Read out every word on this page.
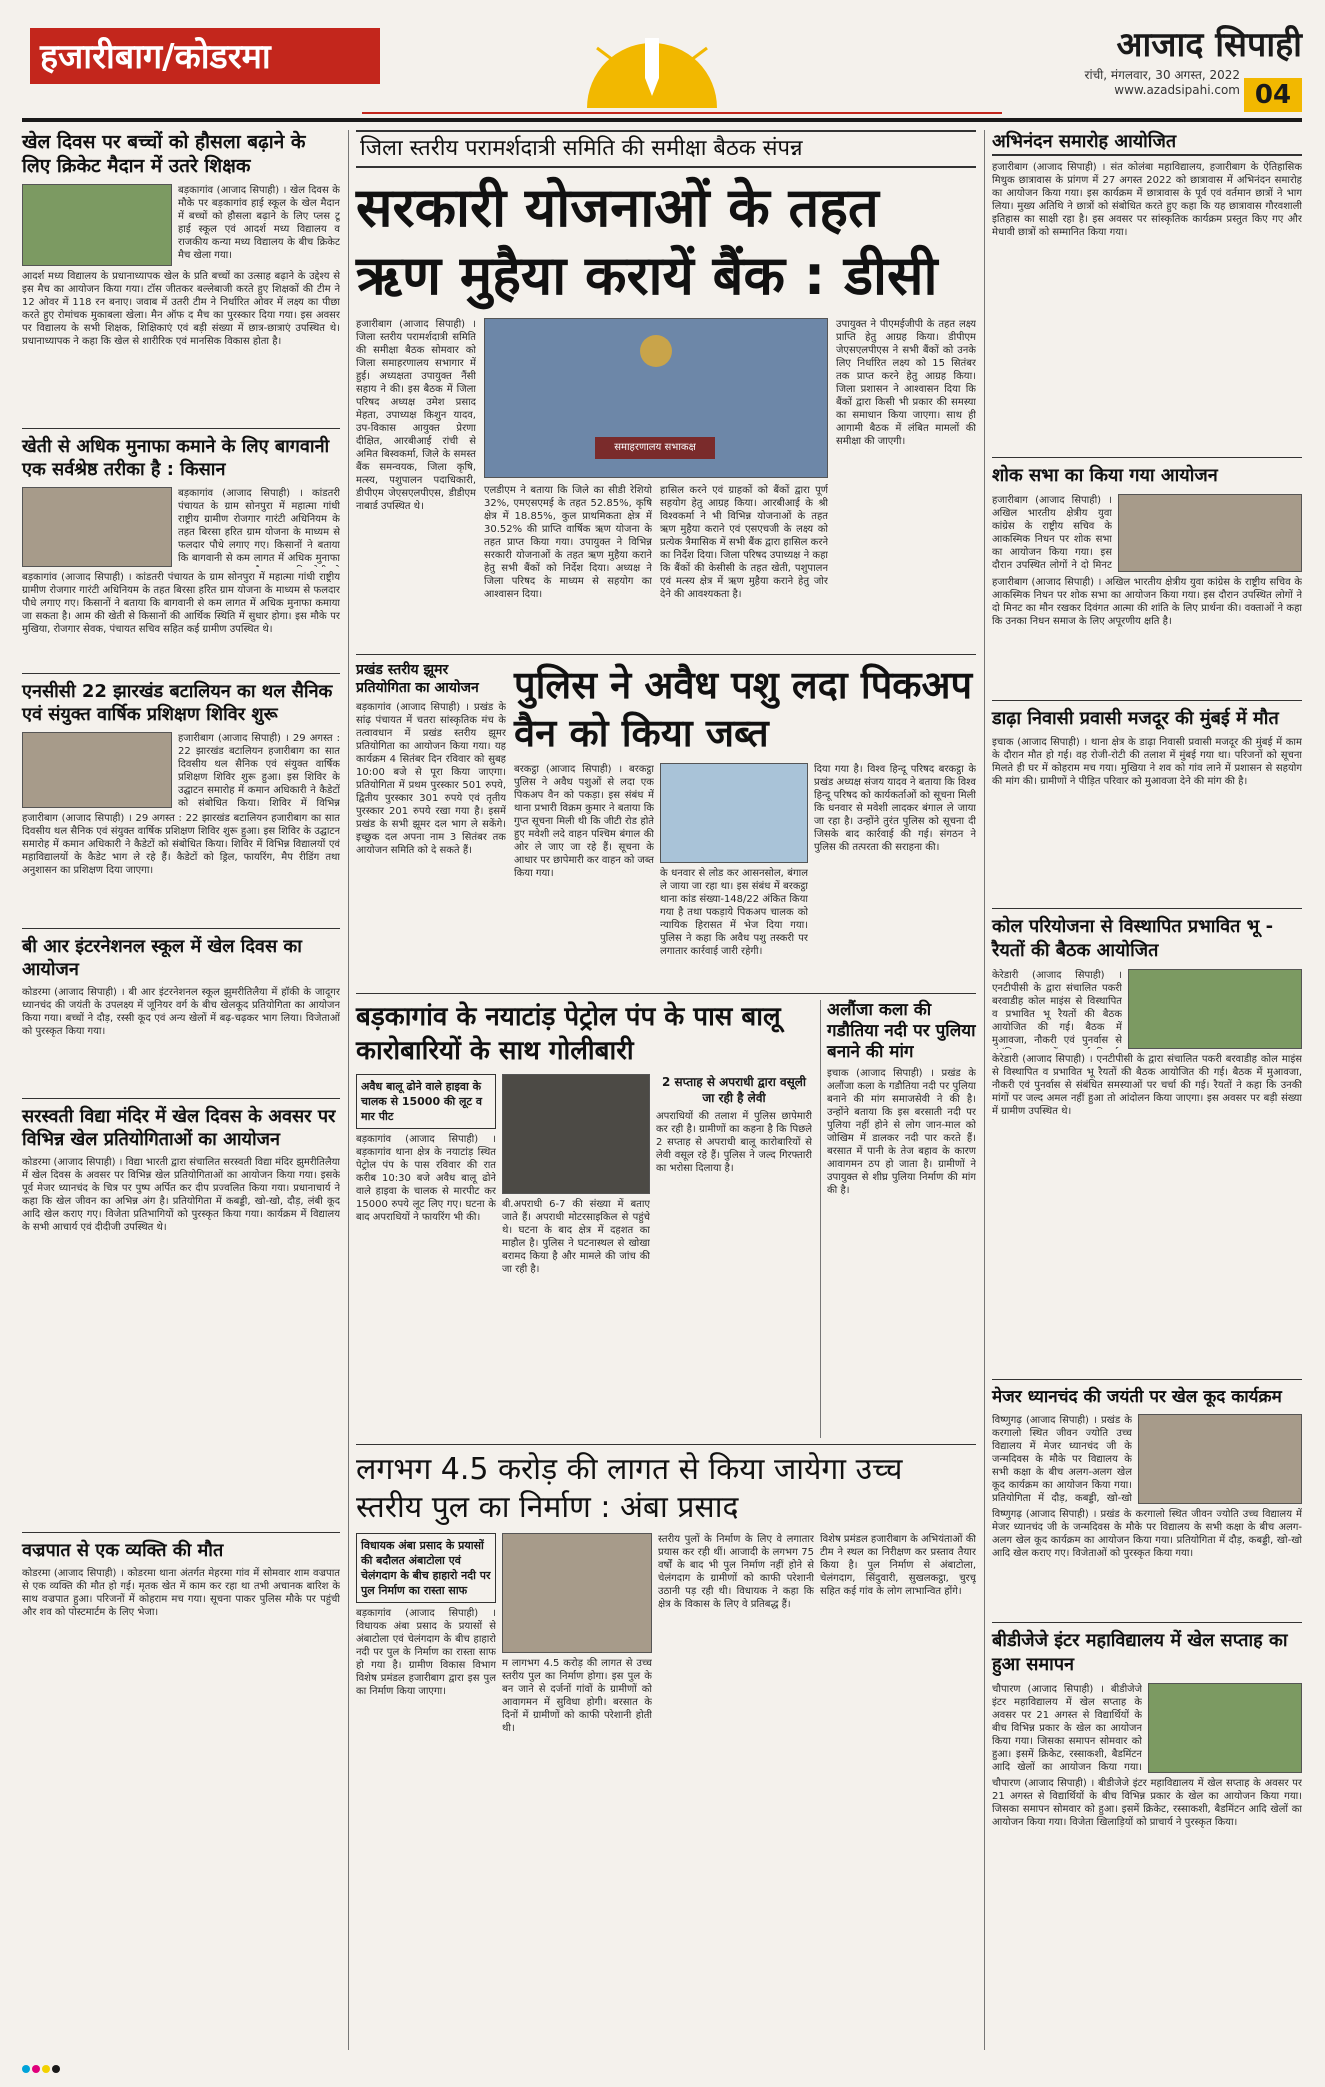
हजारीबाग/कोडरमा	आजाद सिपाही
रांची, मंगलवार, 30 अगस्त, 2022
www.azadsipahi.com 04
खेल दिवस पर बच्चों को हौसला बढ़ाने के लिए क्रिकेट मैदान में उतरे शिक्षक
बड़कागांव (आजाद सिपाही) । खेल दिवस के मौके पर बड़कागांव हाई स्कूल के खेल मैदान में बच्चों को हौसला बढ़ाने के लिए प्लस टू हाई स्कूल एवं आदर्श मध्य विद्यालय व राजकीय कन्या मध्य विद्यालय के बीच क्रिकेट मैच खेला गया।
आदर्श मध्य विद्यालय के प्रधानाध्यापक खेल के प्रति बच्चों का उत्साह बढ़ाने के उद्देश्य से इस मैच का आयोजन किया गया। टॉस जीतकर बल्लेबाजी करते हुए शिक्षकों की टीम ने 12 ओवर में 118 रन बनाए। जवाब में उतरी टीम ने निर्धारित ओवर में लक्ष्य का पीछा करते हुए रोमांचक मुकाबला खेला। मैन ऑफ द मैच का पुरस्कार दिया गया। इस अवसर पर विद्यालय के सभी शिक्षक, शिक्षिकाएं एवं बड़ी संख्या में छात्र-छात्राएं उपस्थित थे। प्रधानाध्यापक ने कहा कि खेल से शारीरिक एवं मानसिक विकास होता है।
खेती से अधिक मुनाफा कमाने के लिए बागवानी एक सर्वश्रेष्ठ तरीका है : किसान
बड़कागांव (आजाद सिपाही) । कांडतरी पंचायत के ग्राम सोनपुरा में महात्मा गांधी राष्ट्रीय ग्रामीण रोजगार गारंटी अधिनियम के तहत बिरसा हरित ग्राम योजना के माध्यम से फलदार पौधे लगाए गए। किसानों ने बताया कि बागवानी से कम लागत में अधिक मुनाफा
बड़कागांव (आजाद सिपाही) । कांडतरी पंचायत के ग्राम सोनपुरा में महात्मा गांधी राष्ट्रीय ग्रामीण रोजगार गारंटी अधिनियम के तहत बिरसा हरित ग्राम योजना के माध्यम से फलदार पौधे लगाए गए। किसानों ने बताया कि बागवानी से कम लागत में अधिक मुनाफा कमाया जा सकता है। आम की खेती से किसानों की आर्थिक स्थिति में सुधार होगा। इस मौके पर मुखिया, रोजगार सेवक, पंचायत सचिव सहित कई ग्रामीण उपस्थित थे।
एनसीसी 22 झारखंड बटालियन का थल सैनिक एवं संयुक्त वार्षिक प्रशिक्षण शिविर शुरू
हजारीबाग (आजाद सिपाही) । 29 अगस्त : 22 झारखंड बटालियन हजारीबाग का सात दिवसीय थल सैनिक एवं संयुक्त वार्षिक प्रशिक्षण शिविर शुरू हुआ। इस शिविर के उद्घाटन समारोह में कमान अधिकारी ने कैडेटों को संबोधित किया। शिविर में विभिन्न
हजारीबाग (आजाद सिपाही) । 29 अगस्त : 22 झारखंड बटालियन हजारीबाग का सात दिवसीय थल सैनिक एवं संयुक्त वार्षिक प्रशिक्षण शिविर शुरू हुआ। इस शिविर के उद्घाटन समारोह में कमान अधिकारी ने कैडेटों को संबोधित किया। शिविर में विभिन्न विद्यालयों एवं महाविद्यालयों के कैडेट भाग ले रहे हैं। कैडेटों को ड्रिल, फायरिंग, मैप रीडिंग तथा अनुशासन का प्रशिक्षण दिया जाएगा।
बी आर इंटरनेशनल स्कूल में खेल दिवस का आयोजन
कोडरमा (आजाद सिपाही) । बी आर इंटरनेशनल स्कूल झुमरीतिलैया में हॉकी के जादूगर ध्यानचंद की जयंती के उपलक्ष्य में जूनियर वर्ग के बीच खेलकूद प्रतियोगिता का आयोजन किया गया। बच्चों ने दौड़, रस्सी कूद एवं अन्य खेलों में बढ़-चढ़कर भाग लिया। विजेताओं को पुरस्कृत किया गया।
सरस्वती विद्या मंदिर में खेल दिवस के अवसर पर विभिन्न खेल प्रतियोगिताओं का आयोजन
कोडरमा (आजाद सिपाही) । विद्या भारती द्वारा संचालित सरस्वती विद्या मंदिर झुमरीतिलैया में खेल दिवस के अवसर पर विभिन्न खेल प्रतियोगिताओं का आयोजन किया गया। इसके पूर्व मेजर ध्यानचंद के चित्र पर पुष्प अर्पित कर दीप प्रज्वलित किया गया। प्रधानाचार्य ने कहा कि खेल जीवन का अभिन्न अंग है। प्रतियोगिता में कबड्डी, खो-खो, दौड़, लंबी कूद आदि खेल कराए गए। विजेता प्रतिभागियों को पुरस्कृत किया गया। कार्यक्रम में विद्यालय के सभी आचार्य एवं दीदीजी उपस्थित थे।
वज्रपात से एक व्यक्ति की मौत
कोडरमा (आजाद सिपाही) । कोडरमा थाना अंतर्गत मेहरमा गांव में सोमवार शाम वज्रपात से एक व्यक्ति की मौत हो गई। मृतक खेत में काम कर रहा था तभी अचानक बारिश के साथ वज्रपात हुआ। परिजनों में कोहराम मच गया। सूचना पाकर पुलिस मौके पर पहुंची और शव को पोस्टमार्टम के लिए भेजा।
जिला स्तरीय परामर्शदात्री समिति की समीक्षा बैठक संपन्न
सरकारी योजनाओं के तहत ऋण मुहैया करायें बैंक : डीसी
हजारीबाग (आजाद सिपाही) । जिला स्तरीय परामर्शदात्री समिति की समीक्षा बैठक सोमवार को जिला समाहरणालय सभागार में हुई। अध्यक्षता उपायुक्त नैंसी सहाय ने की। इस बैठक में जिला परिषद अध्यक्ष उमेश प्रसाद मेहता, उपाध्यक्ष किशुन यादव, उप-विकास आयुक्त प्रेरणा दीक्षित, आरबीआई रांची से अमित बिस्वकर्मा, जिले के समस्त बैंक समन्वयक, जिला कृषि, मत्स्य, पशुपालन पदाधिकारी, डीपीएम जेएसएलपीएस, डीडीएम नाबार्ड उपस्थित थे।
समाहरणालय सभाकक्ष
एलडीएम ने बताया कि जिले का सीडी रेशियो 32%, एमएसएमई के तहत 52.85%, कृषि क्षेत्र में 18.85%, कुल प्राथमिकता क्षेत्र में 30.52% की प्राप्ति वार्षिक ऋण योजना के तहत प्राप्त किया गया। उपायुक्त ने विभिन्न सरकारी योजनाओं के तहत ऋण मुहैया कराने हेतु सभी बैंकों को निर्देश दिया। अध्यक्ष ने जिला परिषद के माध्यम से सहयोग का आश्वासन दिया।
हासिल करने एवं ग्राहकों को बैंकों द्वारा पूर्ण सहयोग हेतु आग्रह किया। आरबीआई के श्री विश्वकर्मा ने भी विभिन्न योजनाओं के तहत ऋण मुहैया कराने एवं एसएचजी के लक्ष्य को प्रत्येक त्रैमासिक में सभी बैंक द्वारा हासिल करने का निर्देश दिया। जिला परिषद उपाध्यक्ष ने कहा कि बैंकों की केसीसी के तहत खेती, पशुपालन एवं मत्स्य क्षेत्र में ऋण मुहैया कराने हेतु जोर देने की आवश्यकता है।
उपायुक्त ने पीएमईजीपी के तहत लक्ष्य प्राप्ति हेतु आग्रह किया। डीपीएम जेएसएलपीएस ने सभी बैंकों को उनके लिए निर्धारित लक्ष्य को 15 सितंबर तक प्राप्त करने हेतु आग्रह किया। जिला प्रशासन ने आश्वासन दिया कि बैंकों द्वारा किसी भी प्रकार की समस्या का समाधान किया जाएगा। साथ ही आगामी बैठक में लंबित मामलों की समीक्षा की जाएगी।
प्रखंड स्तरीय झूमर प्रतियोगिता का आयोजन
बड़कागांव (आजाद सिपाही) । प्रखंड के सांढ़ पंचायत में चतरा सांस्कृतिक मंच के तत्वावधान में प्रखंड स्तरीय झूमर प्रतियोगिता का आयोजन किया गया। यह कार्यक्रम 4 सितंबर दिन रविवार को सुबह 10:00 बजे से पूरा किया जाएगा। प्रतियोगिता में प्रथम पुरस्कार 501 रुपये, द्वितीय पुरस्कार 301 रुपये एवं तृतीय पुरस्कार 201 रुपये रखा गया है। इसमें प्रखंड के सभी झूमर दल भाग ले सकेंगे। इच्छुक दल अपना नाम 3 सितंबर तक आयोजन समिति को दे सकते हैं।
पुलिस ने अवैध पशु लदा पिकअप वैन को किया जब्त
बरकट्ठा (आजाद सिपाही) । बरकट्ठा पुलिस ने अवैध पशुओं से लदा एक पिकअप वैन को पकड़ा। इस संबंध में थाना प्रभारी विक्रम कुमार ने बताया कि गुप्त सूचना मिली थी कि जीटी रोड होते हुए मवेशी लदे वाहन पश्चिम बंगाल की ओर ले जाए जा रहे हैं। सूचना के आधार पर छापेमारी कर वाहन को जब्त किया गया।	के धनवार से लोड कर आसनसोल, बंगाल ले जाया जा रहा था। इस संबंध में बरकट्ठा थाना कांड संख्या-148/22 अंकित किया गया है तथा पकड़ाये पिकअप चालक को न्यायिक हिरासत में भेज दिया गया। पुलिस ने कहा कि अवैध पशु तस्करी पर लगातार कार्रवाई जारी रहेगी।
दिया गया है। विश्व हिन्दू परिषद बरकट्ठा के प्रखंड अध्यक्ष संजय यादव ने बताया कि विश्व हिन्दू परिषद को कार्यकर्ताओं को सूचना मिली कि धनवार से मवेशी लादकर बंगाल ले जाया जा रहा है। उन्होंने तुरंत पुलिस को सूचना दी जिसके बाद कार्रवाई की गई। संगठन ने पुलिस की तत्परता की सराहना की।
बड़कागांव के नयाटांड़ पेट्रोल पंप के पास बालू कारोबारियों के साथ गोलीबारी
अवैध बालू ढोने वाले हाइवा के चालक से 15000 की लूट व मार पीट
बड़कागांव (आजाद सिपाही) । बड़कागांव थाना क्षेत्र के नयाटांड़ स्थित पेट्रोल पंप के पास रविवार की रात करीब 10:30 बजे अवैध बालू ढोने वाले हाइवा के चालक से मारपीट कर 15000 रुपये लूट लिए गए। घटना के बाद अपराधियों ने फायरिंग भी की।
बी.अपराधी 6-7 की संख्या में बताए जाते हैं। अपराधी मोटरसाइकिल से पहुंचे थे। घटना के बाद क्षेत्र में दहशत का माहौल है। पुलिस ने घटनास्थल से खोखा बरामद किया है और मामले की जांच की जा रही है।
2 सप्ताह से अपराधी द्वारा वसूली जा रही है लेवी
अपराधियों की तलाश में पुलिस छापेमारी कर रही है। ग्रामीणों का कहना है कि पिछले 2 सप्ताह से अपराधी बालू कारोबारियों से लेवी वसूल रहे हैं। पुलिस ने जल्द गिरफ्तारी का भरोसा दिलाया है।
अलौंजा कला की गडौतिया नदी पर पुलिया बनाने की मांग
इचाक (आजाद सिपाही) । प्रखंड के अलौंजा कला के गडौतिया नदी पर पुलिया बनाने की मांग समाजसेवी ने की है। उन्होंने बताया कि इस बरसाती नदी पर पुलिया नहीं होने से लोग जान-माल को जोखिम में डालकर नदी पार करते हैं। बरसात में पानी के तेज बहाव के कारण आवागमन ठप हो जाता है। ग्रामीणों ने उपायुक्त से शीघ्र पुलिया निर्माण की मांग की है।
लगभग 4.5 करोड़ की लागत से किया जायेगा उच्च स्तरीय पुल का निर्माण : अंबा प्रसाद
विधायक अंबा प्रसाद के प्रयासों की बदौलत अंबाटोला एवं चेलंगदाग के बीच हाहारो नदी पर पुल निर्माण का रास्ता साफ
बड़कागांव (आजाद सिपाही) । विधायक अंबा प्रसाद के प्रयासों से अंबाटोला एवं चेलंगदाग के बीच हाहारो नदी पर पुल के निर्माण का रास्ता साफ हो गया है। ग्रामीण विकास विभाग विशेष प्रमंडल हजारीबाग द्वारा इस पुल का निर्माण किया जाएगा।
म लागभग 4.5 करोड़ की लागत से उच्च स्तरीय पुल का निर्माण होगा। इस पुल के बन जाने से दर्जनों गांवों के ग्रामीणों को आवागमन में सुविधा होगी। बरसात के दिनों में ग्रामीणों को काफी परेशानी होती थी।
स्तरीय पुलों के निर्माण के लिए वे लगातार प्रयास कर रही थीं। आजादी के लगभग 75 वर्षों के बाद भी पुल निर्माण नहीं होने से चेलंगदाग के ग्रामीणों को काफी परेशानी उठानी पड़ रही थी। विधायक ने कहा कि क्षेत्र के विकास के लिए वे प्रतिबद्ध हैं।
विशेष प्रमंडल हजारीबाग के अभियंताओं की टीम ने स्थल का निरीक्षण कर प्रस्ताव तैयार किया है। पुल निर्माण से अंबाटोला, चेलंगदाग, सिंदुवारी, सुखलकट्ठा, चुरचू सहित कई गांव के लोग लाभान्वित होंगे।
अभिनंदन समारोह आयोजित
हजारीबाग (आजाद सिपाही) । संत कोलंबा महाविद्यालय, हजारीबाग के ऐतिहासिक मिथुक छात्रावास के प्रांगण में 27 अगस्त 2022 को छात्रावास में अभिनंदन समारोह का आयोजन किया गया। इस कार्यक्रम में छात्रावास के पूर्व एवं वर्तमान छात्रों ने भाग लिया। मुख्य अतिथि ने छात्रों को संबोधित करते हुए कहा कि यह छात्रावास गौरवशाली इतिहास का साक्षी रहा है। इस अवसर पर सांस्कृतिक कार्यक्रम प्रस्तुत किए गए और मेधावी छात्रों को सम्मानित किया गया।
शोक सभा का किया गया आयोजन
हजारीबाग (आजाद सिपाही) । अखिल भारतीय क्षेत्रीय युवा कांग्रेस के राष्ट्रीय सचिव के आकस्मिक निधन पर शोक सभा का आयोजन किया गया। इस दौरान उपस्थित लोगों ने दो मिनट
हजारीबाग (आजाद सिपाही) । अखिल भारतीय क्षेत्रीय युवा कांग्रेस के राष्ट्रीय सचिव के आकस्मिक निधन पर शोक सभा का आयोजन किया गया। इस दौरान उपस्थित लोगों ने दो मिनट का मौन रखकर दिवंगत आत्मा की शांति के लिए प्रार्थना की। वक्ताओं ने कहा कि उनका निधन समाज के लिए अपूरणीय क्षति है।
डाढ़ा निवासी प्रवासी मजदूर की मुंबई में मौत
इचाक (आजाद सिपाही) । थाना क्षेत्र के डाढ़ा निवासी प्रवासी मजदूर की मुंबई में काम के दौरान मौत हो गई। वह रोजी-रोटी की तलाश में मुंबई गया था। परिजनों को सूचना मिलते ही घर में कोहराम मच गया। मुखिया ने शव को गांव लाने में प्रशासन से सहयोग की मांग की। ग्रामीणों ने पीड़ित परिवार को मुआवजा देने की मांग की है।
कोल परियोजना से विस्थापित प्रभावित भू - रैयतों की बैठक आयोजित
केरेडारी (आजाद सिपाही) । एनटीपीसी के द्वारा संचालित पकरी बरवाडीह कोल माइंस से विस्थापित व प्रभावित भू रैयतों की बैठक आयोजित की गई। बैठक में मुआवजा, नौकरी एवं पुनर्वास से
केरेडारी (आजाद सिपाही) । एनटीपीसी के द्वारा संचालित पकरी बरवाडीह कोल माइंस से विस्थापित व प्रभावित भू रैयतों की बैठक आयोजित की गई। बैठक में मुआवजा, नौकरी एवं पुनर्वास से संबंधित समस्याओं पर चर्चा की गई। रैयतों ने कहा कि उनकी मांगों पर जल्द अमल नहीं हुआ तो आंदोलन किया जाएगा। इस अवसर पर बड़ी संख्या में ग्रामीण उपस्थित थे।
मेजर ध्यानचंद की जयंती पर खेल कूद कार्यक्रम
विष्णुगढ़ (आजाद सिपाही) । प्रखंड के करगालो स्थित जीवन ज्योति उच्च विद्यालय में मेजर ध्यानचंद जी के जन्मदिवस के मौके पर विद्यालय के सभी कक्षा के बीच अलग-अलग खेल कूद कार्यक्रम का आयोजन किया गया। प्रतियोगिता में दौड़, कबड्डी, खो-खो
विष्णुगढ़ (आजाद सिपाही) । प्रखंड के करगालो स्थित जीवन ज्योति उच्च विद्यालय में मेजर ध्यानचंद जी के जन्मदिवस के मौके पर विद्यालय के सभी कक्षा के बीच अलग-अलग खेल कूद कार्यक्रम का आयोजन किया गया। प्रतियोगिता में दौड़, कबड्डी, खो-खो आदि खेल कराए गए। विजेताओं को पुरस्कृत किया गया।
बीडीजेजे इंटर महाविद्यालय में खेल सप्ताह का हुआ समापन
चौपारण (आजाद सिपाही) । बीडीजेजे इंटर महाविद्यालय में खेल सप्ताह के अवसर पर 21 अगस्त से विद्यार्थियों के बीच विभिन्न प्रकार के खेल का आयोजन किया गया। जिसका समापन सोमवार को हुआ। इसमें क्रिकेट, रस्साकशी, बैडमिंटन आदि खेलों का आयोजन किया गया।
चौपारण (आजाद सिपाही) । बीडीजेजे इंटर महाविद्यालय में खेल सप्ताह के अवसर पर 21 अगस्त से विद्यार्थियों के बीच विभिन्न प्रकार के खेल का आयोजन किया गया। जिसका समापन सोमवार को हुआ। इसमें क्रिकेट, रस्साकशी, बैडमिंटन आदि खेलों का आयोजन किया गया। विजेता खिलाड़ियों को प्राचार्य ने पुरस्कृत किया।
